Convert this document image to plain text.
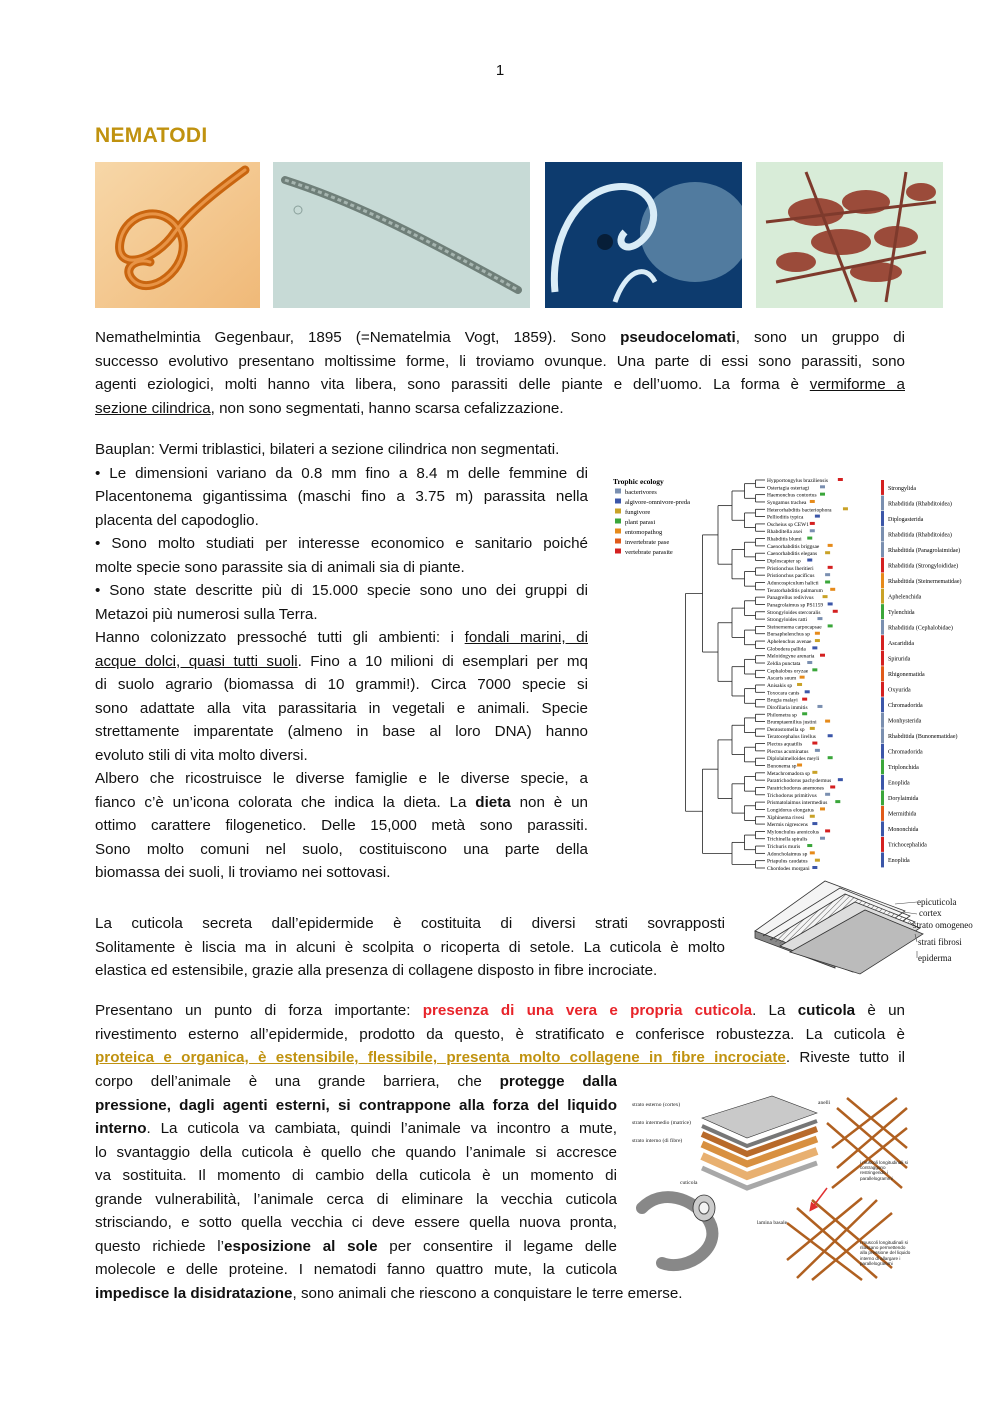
1
NEMATODI
Nemathelmintia Gegenbaur, 1895 (=Nematelmia Vogt, 1859). Sono pseudocelomati, sono un gruppo di
successo evolutivo presentano moltissime forme, li troviamo ovunque. Una parte di essi sono parassiti, sono
agenti eziologici, molti hanno vita libera, sono parassiti delle piante e dell’uomo. La forma è vermiforme a
sezione cilindrica, non sono segmentati, hanno scarsa cefalizzazione.
Bauplan: Vermi triblastici, bilateri a sezione cilindrica non segmentati.
• Le dimensioni variano da 0.8 mm fino a 8.4 m delle femmine di
Placentonema gigantissima (maschi fino a 3.75 m) parassita nella
placenta del capodoglio.
• Sono molto studiati per interesse economico e sanitario poiché
molte specie sono parassite sia di animali sia di piante.
• Sono state descritte più di 15.000 specie sono uno dei gruppi di
Metazoi più numerosi sulla Terra.
Hanno colonizzato pressoché tutti gli ambienti: i fondali marini, di
acque dolci, quasi tutti suoli. Fino a 10 milioni di esemplari per mq
di suolo agrario (biomassa di 10 grammi!). Circa 7000 specie si
sono adattate alla vita parassitaria in vegetali e animali. Specie
strettamente imparentate (almeno in base al loro DNA) hanno
evoluto stili di vita molto diversi.
Albero che ricostruisce le diverse famiglie e le diverse specie, a
fianco c’è un’icona colorata che indica la dieta. La dieta non è un
ottimo carattere filogenetico. Delle 15,000 metà sono parassiti.
Sono molto comuni nel suolo, costituiscono una parte della
biomassa dei suoli, li troviamo nei sottovasi.
Trophic ecology
bacterivores
algivore-omnivore-preda
fungivore
plant parasi
entomopathog
invertebrate pase
vertebrate parasite
Hypportongylus braziliensis
Ostertagia ostertagi
Haemonchus contortus
Syngamus trachea
Heterorhabditis bacteriophora
Pellioditis typica
Oscheius sp CEW1
Rhabditella axei
Rhabditis blumi
Caenorhabditis briggsae
Caenorhabditis elegans
Diploscapter sp
Pristionchus lheritieri
Pristionchus pacificus
Aduncospiculum halicti
Teratorhabditis palmarum
Panagrellus redivivus
Panagrolaimus sp PS1159
Strongyloides stercoralis
Strongyloides ratti
Steinernema carpocapsae
Bursaphelenchus sp
Aphelenchus avenae
Globodera pallida
Meloidogyne arenaria
Zeldia punctata
Cephalobus oryzae
Ascaris suum
Anisakis sp
Toxocara canis
Brugia malayi
Dirofilaria immitis
Philometra sp
Brumptaemilius justini
Dentostomella sp
Teratocephalus lirellus
Plectus aquatilis
Plectus acuminatus
Diplolaimelloides meyli
Bunonema sp
Metachromadora sp
Paratrichodorus pachydermus
Paratrichodorus anemones
Trichodorus primitivus
Prismatolaimus intermedius
Longidorus elongatus
Xiphinema rivesi
Mermis nigrescens
Mylonchulus arenicolus
Trichinella spiralis
Trichuris muris
Adoncholaimus sp
Priapulus caudatus
Chordodes morgani
Strongylida
Rhabditida (Rhabditoidea)
Diplogasterida
Rhabditida (Rhabditoidea)
Rhabditida (Panagrolaimidae)
Rhabditida (Strongyloididae)
Rhabditida (Steinernematidae)
Aphelenchida
Tylenchida
Rhabditida (Cephalobidae)
Ascaridida
Spirurida
Rhigonematida
Oxyurida
Chromadorida
Monhysterida
Rhabditida (Bunonematidae)
Chromadorida
Triplonchida
Enoplida
Dorylaimida
Mermithida
Mononchida
Trichocephalida
Enoplida
La cuticola secreta dall’epidermide è costituita di diversi strati sovrapposti
Solitamente è liscia ma in alcuni è scolpita o ricoperta di setole. La cuticola è molto
elastica ed estensibile, grazie alla presenza di collagene disposto in fibre incrociate.
epicuticola
cortex
strato omogeneo
strati fibrosi
epiderma
Presentano un punto di forza importante: presenza di una vera e propria cuticola. La cuticola è un
rivestimento esterno all’epidermide, prodotto da questo, è stratificato e conferisce robustezza. La cuticola è
proteica e organica, è estensibile, flessibile, presenta molto collagene in fibre incrociate. Riveste tutto il
corpo dell’animale è una grande barriera, che protegge dalla
pressione, dagli agenti esterni, si contrappone alla forza del liquido
interno. La cuticola va cambiata, quindi l’animale va incontro a mute,
lo svantaggio della cuticola è quello che quando l’animale si accresce
va sostituita. Il momento di cambio della cuticola è un momento di
grande vulnerabilità, l’animale cerca di eliminare la vecchia cuticola
strisciando, e sotto quella vecchia ci deve essere quella nuova pronta,
questo richiede l’esposizione al sole per consentire il legame delle
molecole e delle proteine. I nematodi fanno quattro mute, la cuticola
impedisce la disidratazione, sono animali che riescono a conquistare le terre emerse.
strato esterno (cortex)
strato intermedio (matrice)
strato interno (di fibre)
cuticola
anelli
lamina basale
i muscoli longitudinali si contraggono restringendo i parallelogrammi
i muscoli longitudinali si rilassano permettendo alla pressione del liquido interno di allargare i parallelogrammi
